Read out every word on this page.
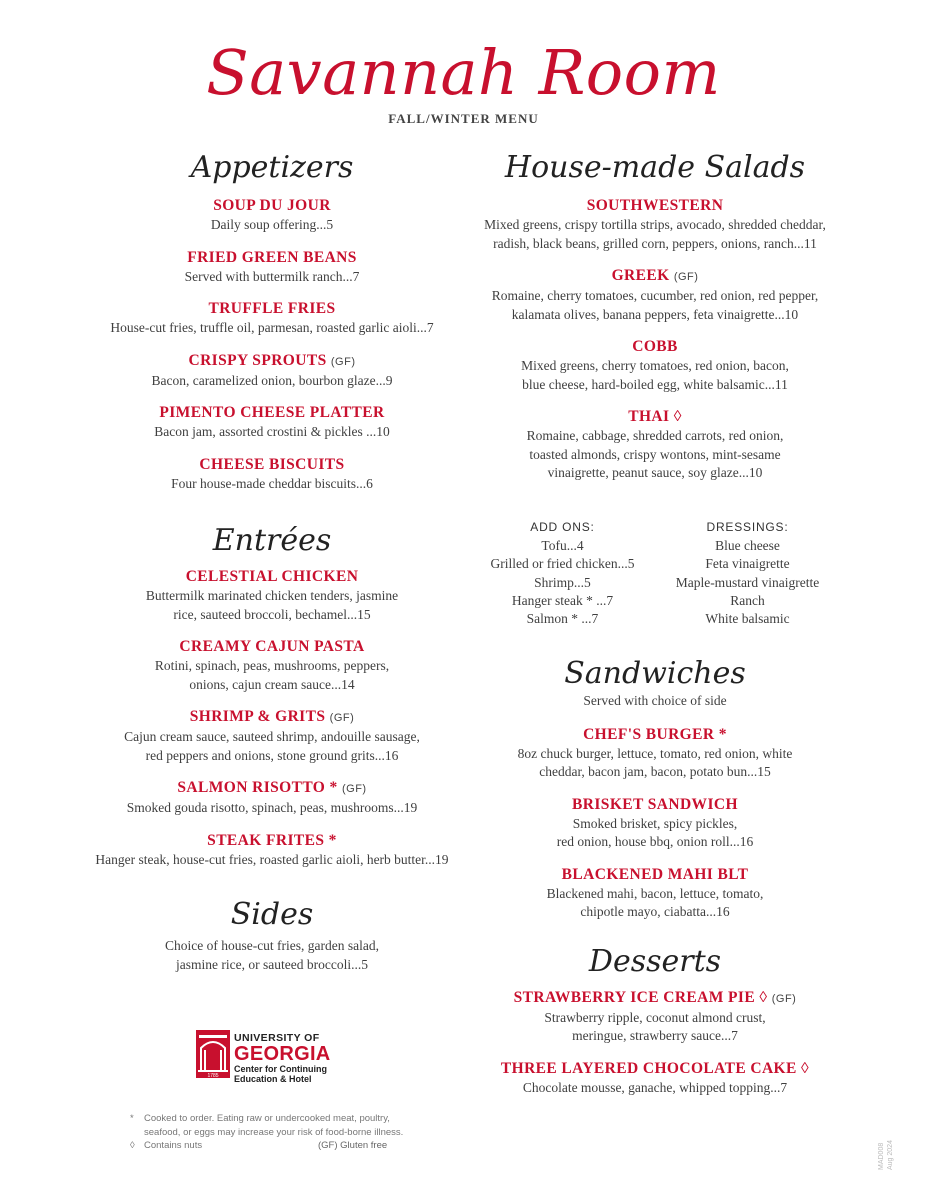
Savannah Room
FALL/WINTER MENU
Appetizers
SOUP DU JOUR
Daily soup offering...5
FRIED GREEN BEANS
Served with buttermilk ranch...7
TRUFFLE FRIES
House-cut fries, truffle oil, parmesan, roasted garlic aioli...7
CRISPY SPROUTS (GF)
Bacon, caramelized onion, bourbon glaze...9
PIMENTO CHEESE PLATTER
Bacon jam, assorted crostini & pickles ...10
CHEESE BISCUITS
Four house-made cheddar biscuits...6
Entrées
CELESTIAL CHICKEN
Buttermilk marinated chicken tenders, jasmine
rice, sauteed broccoli, bechamel...15
CREAMY CAJUN PASTA
Rotini, spinach, peas, mushrooms, peppers,
onions, cajun cream sauce...14
SHRIMP & GRITS (GF)
Cajun cream sauce, sauteed shrimp, andouille sausage,
red peppers and onions, stone ground grits...16
SALMON RISOTTO * (GF)
Smoked gouda risotto, spinach, peas, mushrooms...19
STEAK FRITES *
Hanger steak, house-cut fries, roasted garlic aioli, herb butter...19
Sides
Choice of house-cut fries, garden salad,
jasmine rice, or sauteed broccoli...5
House-made Salads
SOUTHWESTERN
Mixed greens, crispy tortilla strips, avocado, shredded cheddar,
radish, black beans, grilled corn, peppers, onions, ranch...11
GREEK (GF)
Romaine, cherry tomatoes, cucumber, red onion, red pepper,
kalamata olives, banana peppers, feta vinaigrette...10
COBB
Mixed greens, cherry tomatoes, red onion, bacon,
blue cheese, hard-boiled egg, white balsamic...11
THAI ◊
Romaine, cabbage, shredded carrots, red onion,
toasted almonds, crispy wontons, mint-sesame
vinaigrette, peanut sauce, soy glaze...10
ADD ONS:
Tofu...4
Grilled or fried chicken...5
Shrimp...5
Hanger steak * ...7
Salmon * ...7
DRESSINGS:
Blue cheese
Feta vinaigrette
Maple-mustard vinaigrette
Ranch
White balsamic
Sandwiches
Served with choice of side
CHEF'S BURGER *
8oz chuck burger, lettuce, tomato, red onion, white
cheddar, bacon jam, bacon, potato bun...15
BRISKET SANDWICH
Smoked brisket, spicy pickles,
red onion, house bbq, onion roll...16
BLACKENED MAHI BLT
Blackened mahi, bacon, lettuce, tomato,
chipotle mayo, ciabatta...16
Desserts
STRAWBERRY ICE CREAM PIE ◊ (GF)
Strawberry ripple, coconut almond crust,
meringue, strawberry sauce...7
THREE LAYERED CHOCOLATE CAKE ◊
Chocolate mousse, ganache, whipped topping...7
1785
UNIVERSITY OF
GEORGIA
Center for Continuing
Education & Hotel
* Cooked to order. Eating raw or undercooked meat, poultry,
seafood, or eggs may increase your risk of food-borne illness.
◊ Contains nuts	(GF) Gluten free	MAD008 Aug 2024
